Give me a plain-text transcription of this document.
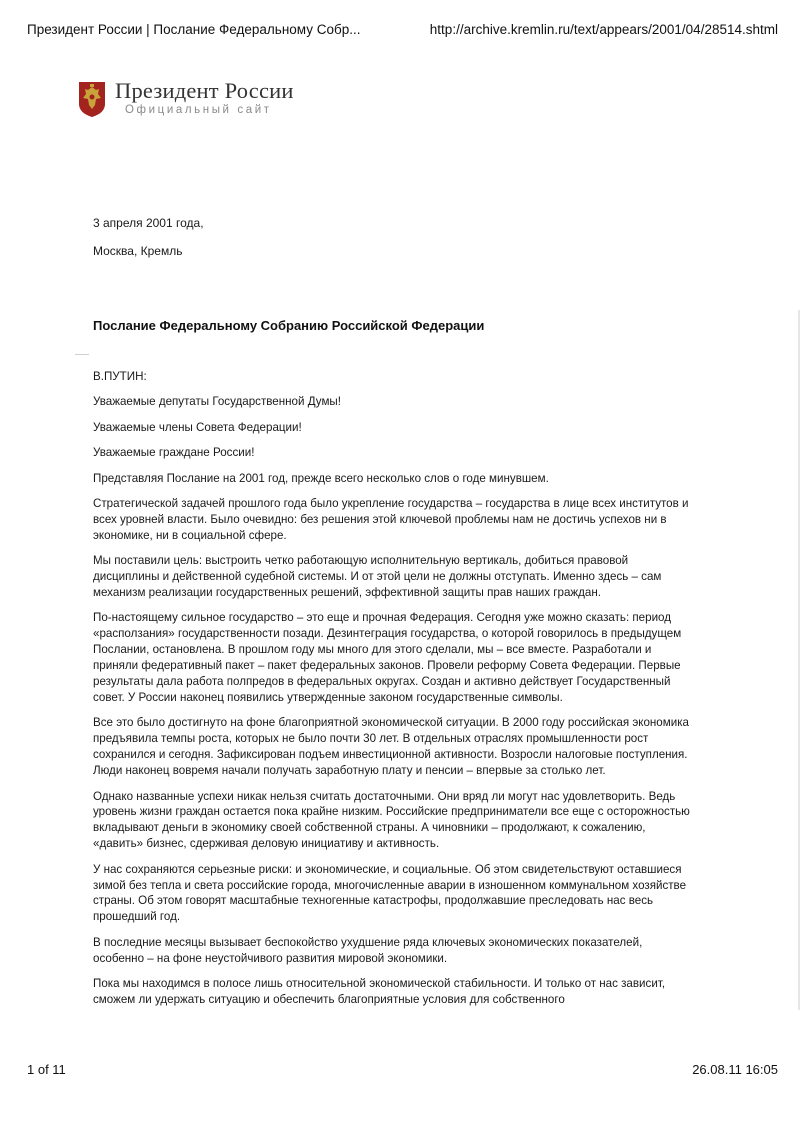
Президент России | Послание Федеральному Собр...	http://archive.kremlin.ru/text/appears/2001/04/28514.shtml
Президент России
Официальный сайт
3 апреля 2001 года,
Москва, Кремль
Послание Федеральному Собранию Российской Федерации

В.ПУТИН:

Уважаемые депутаты Государственной Думы!

Уважаемые члены Совета Федерации!

Уважаемые граждане России!

Представляя Послание на 2001 год, прежде всего несколько слов о годе минувшем.

Стратегической задачей прошлого года было укрепление государства – государства в лице всех институтов и всех уровней власти. Было очевидно: без решения этой ключевой проблемы нам не достичь успехов ни в экономике, ни в социальной сфере.

Мы поставили цель: выстроить четко работающую исполнительную вертикаль, добиться правовой дисциплины и действенной судебной системы. И от этой цели не должны отступать. Именно здесь – сам механизм реализации государственных решений, эффективной защиты прав наших граждан.

По-настоящему сильное государство – это еще и прочная Федерация. Сегодня уже можно сказать: период «расползания» государственности позади. Дезинтеграция государства, о которой говорилось в предыдущем Послании, остановлена. В прошлом году мы много для этого сделали, мы – все вместе. Разработали и приняли федеративный пакет – пакет федеральных законов. Провели реформу Совета Федерации. Первые результаты дала работа полпредов в федеральных округах. Создан и активно действует Государственный совет. У России наконец появились утвержденные законом государственные символы.

Все это было достигнуто на фоне благоприятной экономической ситуации. В 2000 году российская экономика предъявила темпы роста, которых не было почти 30 лет. В отдельных отраслях промышленности рост сохранился и сегодня. Зафиксирован подъем инвестиционной активности. Возросли налоговые поступления. Люди наконец вовремя начали получать заработную плату и пенсии – впервые за столько лет.

Однако названные успехи никак нельзя считать достаточными. Они вряд ли могут нас удовлетворить. Ведь уровень жизни граждан остается пока крайне низким. Российские предприниматели все еще с осторожностью вкладывают деньги в экономику своей собственной страны. А чиновники – продолжают, к сожалению, «давить» бизнес, сдерживая деловую инициативу и активность.

У нас сохраняются серьезные риски: и экономические, и социальные. Об этом свидетельствуют оставшиеся зимой без тепла и света российские города, многочисленные аварии в изношенном коммунальном хозяйстве страны. Об этом говорят масштабные техногенные катастрофы, продолжавшие преследовать нас весь прошедший год.

В последние месяцы вызывает беспокойство ухудшение ряда ключевых экономических показателей, особенно – на фоне неустойчивого развития мировой экономики.

Пока мы находимся в полосе лишь относительной экономической стабильности. И только от нас зависит, сможем ли удержать ситуацию и обеспечить благоприятные условия для собственного

1 of 11	26.08.11 16:05
